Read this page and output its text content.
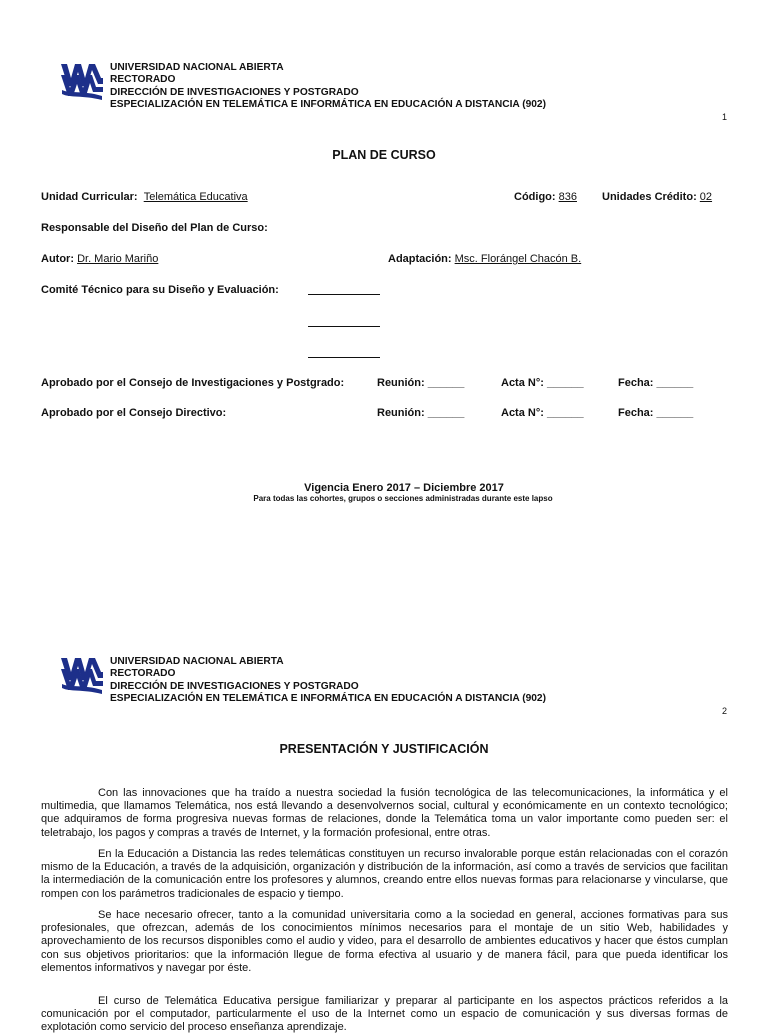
UNIVERSIDAD NACIONAL ABIERTA
RECTORADO
DIRECCIÓN DE INVESTIGACIONES Y POSTGRADO
ESPECIALIZACIÓN EN TELEMÁTICA E INFORMÁTICA EN EDUCACIÓN A DISTANCIA (902)
1
PLAN DE CURSO
Unidad Curricular: Telemática Educativa	Código: 836 Unidades Crédito: 02
Responsable del Diseño del Plan de Curso:
Autor: Dr. Mario Mariño	Adaptación: Msc. Florángel Chacón B.
Comité Técnico para su Diseño y Evaluación:
Aprobado por el Consejo de Investigaciones y Postgrado:	Reunión: ______	Acta N°: ______	Fecha: ______
Aprobado por el Consejo Directivo:	Reunión: ______	Acta N°: ______	Fecha: ______
Vigencia Enero 2017 – Diciembre 2017
Para todas las cohortes, grupos o secciones administradas durante este lapso
UNIVERSIDAD NACIONAL ABIERTA
RECTORADO
DIRECCIÓN DE INVESTIGACIONES Y POSTGRADO
ESPECIALIZACIÓN EN TELEMÁTICA E INFORMÁTICA EN EDUCACIÓN A DISTANCIA (902)
2
PRESENTACIÓN Y JUSTIFICACIÓN

Con las innovaciones que ha traído a nuestra sociedad la fusión tecnológica de las telecomunicaciones, la informática y el multimedia, que llamamos Telemática, nos está llevando a desenvolvernos social, cultural y económicamente en un contexto tecnológico; que adquiramos de forma progresiva nuevas formas de relaciones, donde la Telemática toma un valor importante como pueden ser: el teletrabajo, los pagos y compras a través de Internet, y la formación profesional, entre otras.

En la Educación a Distancia las redes telemáticas constituyen un recurso invalorable porque están relacionadas con el corazón mismo de la Educación, a través de la adquisición, organización y distribución de la información, así como a través de servicios que facilitan la intermediación de la comunicación entre los profesores y alumnos, creando entre ellos nuevas formas para relacionarse y vincularse, que rompen con los parámetros tradicionales de espacio y tiempo.

Se hace necesario ofrecer, tanto a la comunidad universitaria como a la sociedad en general, acciones formativas para sus profesionales, que ofrezcan, además de los conocimientos mínimos necesarios para el montaje de un sitio Web, habilidades y aprovechamiento de los recursos disponibles como el audio y video, para el desarrollo de ambientes educativos y hacer que éstos cumplan con sus objetivos prioritarios: que la información llegue de forma efectiva al usuario y de manera fácil, para que pueda identificar los elementos informativos y navegar por éste.

El curso de Telemática Educativa persigue familiarizar y preparar al participante en los aspectos prácticos referidos a la comunicación por el computador, particularmente el uso de la Internet como un espacio de comunicación y sus diversas formas de explotación como servicio del proceso enseñanza aprendizaje.
